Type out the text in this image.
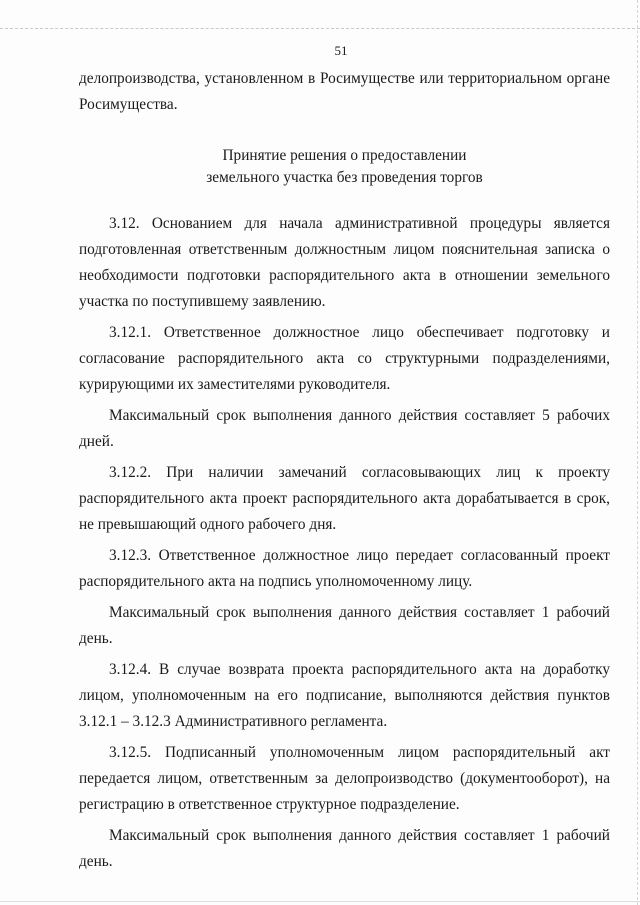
51

делопроизводства, установленном в Росимуществе или территориальном органе Росимущества.

Принятие решения о предоставлении
земельного участка без проведения торгов

3.12. Основанием для начала административной процедуры является подготовленная ответственным должностным лицом пояснительная записка о необходимости подготовки распорядительного акта в отношении земельного участка по поступившему заявлению.

3.12.1. Ответственное должностное лицо обеспечивает подготовку и согласование распорядительного акта со структурными подразделениями, курирующими их заместителями руководителя.

Максимальный срок выполнения данного действия составляет 5 рабочих дней.

3.12.2. При наличии замечаний согласовывающих лиц к проекту распорядительного акта проект распорядительного акта дорабатывается в срок, не превышающий одного рабочего дня.

3.12.3. Ответственное должностное лицо передает согласованный проект распорядительного акта на подпись уполномоченному лицу.

Максимальный срок выполнения данного действия составляет 1 рабочий день.

3.12.4. В случае возврата проекта распорядительного акта на доработку лицом, уполномоченным на его подписание, выполняются действия пунктов 3.12.1 – 3.12.3 Административного регламента.

3.12.5. Подписанный уполномоченным лицом распорядительный акт передается лицом, ответственным за делопроизводство (документооборот), на регистрацию в ответственное структурное подразделение.

Максимальный срок выполнения данного действия составляет 1 рабочий день.
